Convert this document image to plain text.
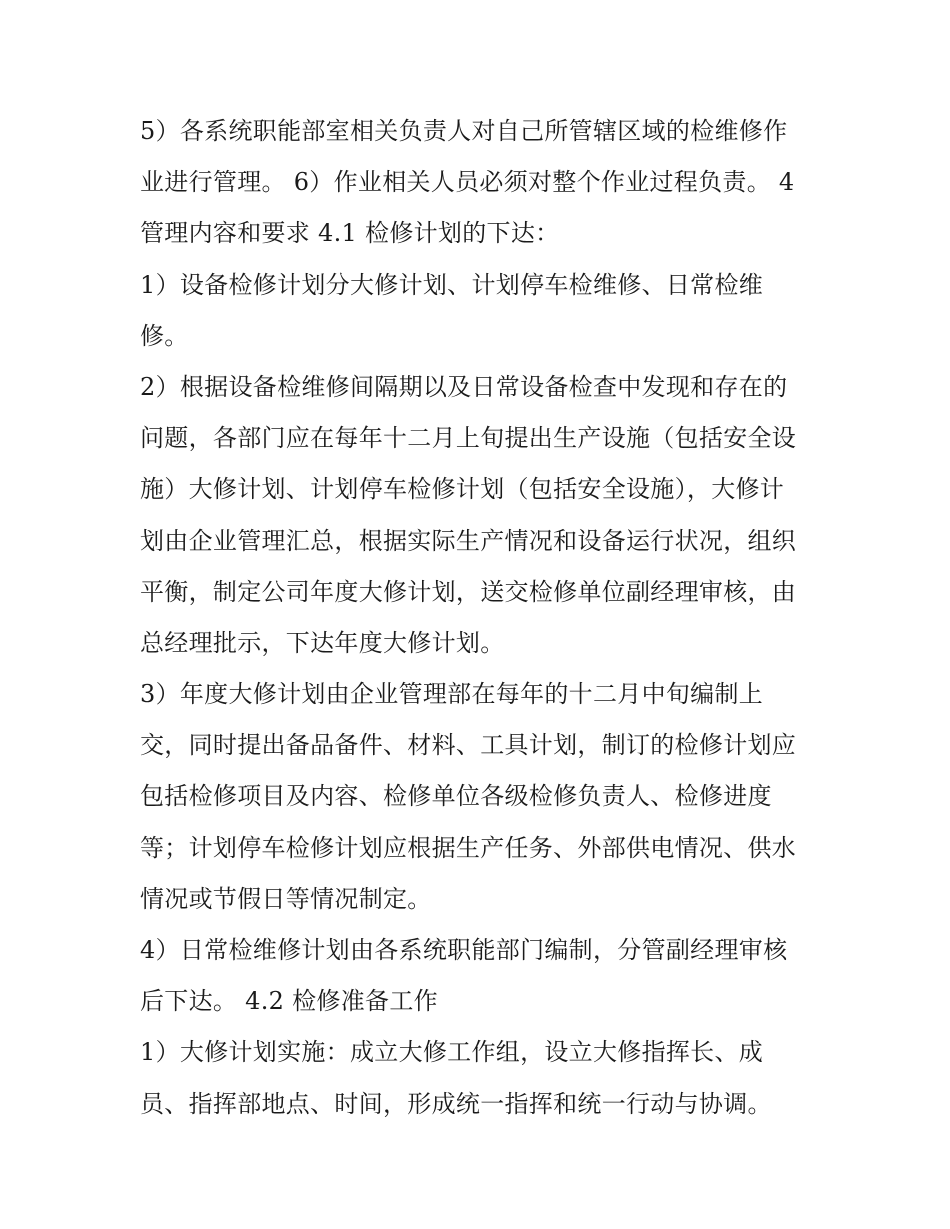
5）各系统职能部室相关负责人对自己所管辖区域的检维修作
业进行管理。 6）作业相关人员必须对整个作业过程负责。 4
管理内容和要求 4.1 检修计划的下达：
1）设备检修计划分大修计划、计划停车检维修、日常检维
修。
2）根据设备检维修间隔期以及日常设备检查中发现和存在的
问题，各部门应在每年十二月上旬提出生产设施（包括安全设
施）大修计划、计划停车检修计划（包括安全设施），大修计
划由企业管理汇总，根据实际生产情况和设备运行状况，组织
平衡，制定公司年度大修计划，送交检修单位副经理审核，由
总经理批示，下达年度大修计划。
3）年度大修计划由企业管理部在每年的十二月中旬编制上
交，同时提出备品备件、材料、工具计划，制订的检修计划应
包括检修项目及内容、检修单位各级检修负责人、检修进度
等；计划停车检修计划应根据生产任务、外部供电情况、供水
情况或节假日等情况制定。
4）日常检维修计划由各系统职能部门编制，分管副经理审核
后下达。 4.2 检修准备工作
1）大修计划实施：成立大修工作组，设立大修指挥长、成
员、指挥部地点、时间，形成统一指挥和统一行动与协调。
